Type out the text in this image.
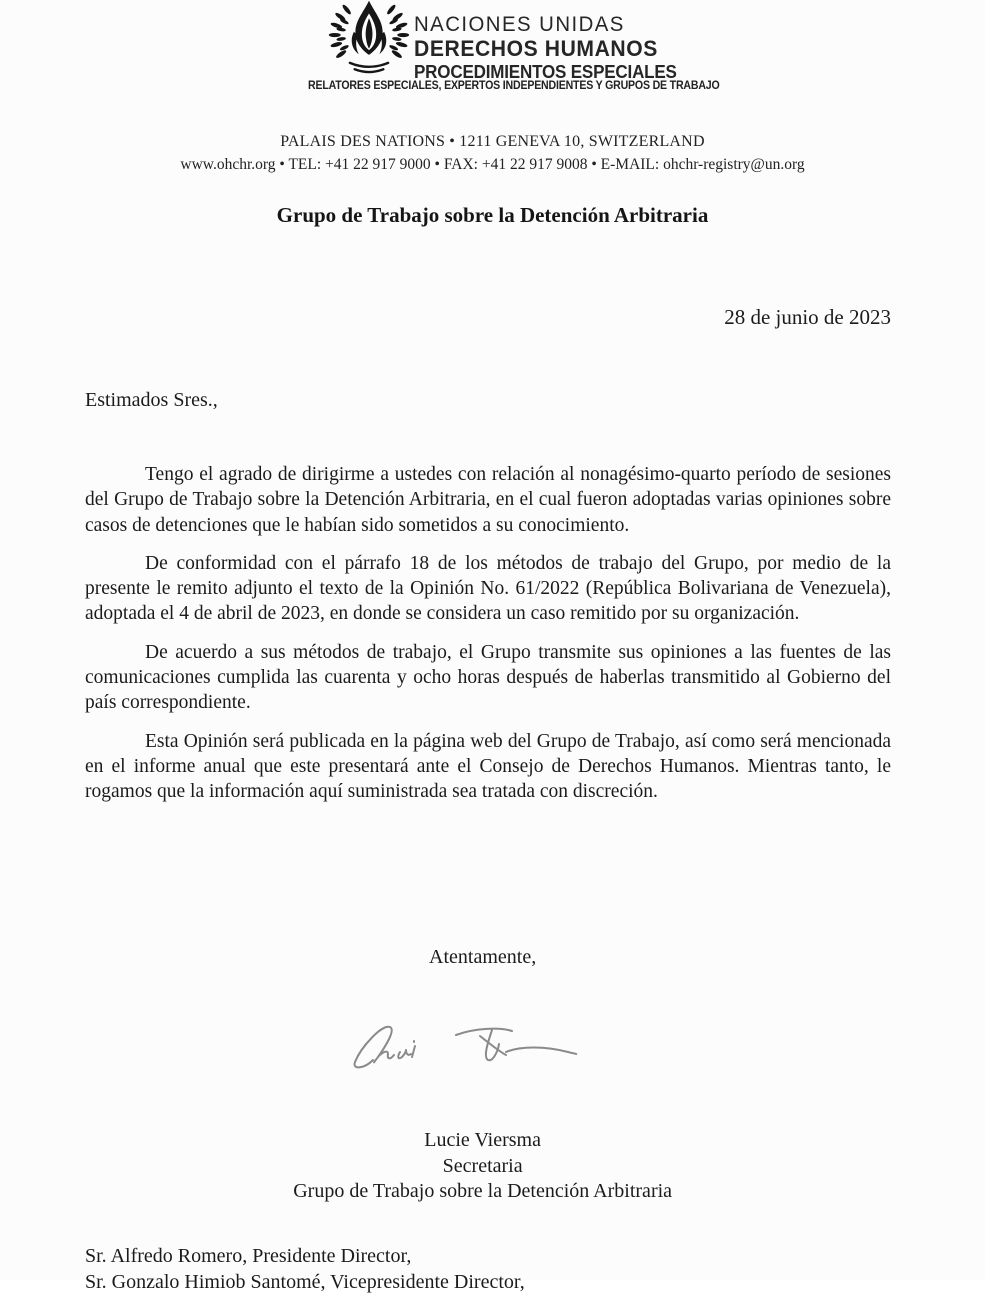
NACIONES UNIDAS
DERECHOS HUMANOS
PROCEDIMIENTOS ESPECIALES
RELATORES ESPECIALES, EXPERTOS INDEPENDIENTES Y GRUPOS DE TRABAJO
PALAIS DES NATIONS • 1211 GENEVA 10, SWITZERLAND
www.ohchr.org • TEL: +41 22 917 9000 • FAX: +41 22 917 9008 • E-MAIL: ohchr-registry@un.org
Grupo de Trabajo sobre la Detención Arbitraria
28 de junio de 2023
Estimados Sres.,

Tengo el agrado de dirigirme a ustedes con relación al nonagésimo-quarto período de sesiones del Grupo de Trabajo sobre la Detención Arbitraria, en el cual fueron adoptadas varias opiniones sobre casos de detenciones que le habían sido sometidos a su conocimiento.

De conformidad con el párrafo 18 de los métodos de trabajo del Grupo, por medio de la presente le remito adjunto el texto de la Opinión No. 61/2022 (República Bolivariana de Venezuela), adoptada el 4 de abril de 2023, en donde se considera un caso remitido por su organización.

De acuerdo a sus métodos de trabajo, el Grupo transmite sus opiniones a las fuentes de las comunicaciones cumplida las cuarenta y ocho horas después de haberlas transmitido al Gobierno del país correspondiente.

Esta Opinión será publicada en la página web del Grupo de Trabajo, así como será mencionada en el informe anual que este presentará ante el Consejo de Derechos Humanos. Mientras tanto, le rogamos que la información aquí suministrada sea tratada con discreción.

Atentamente,
Lucie Viersma
Secretaria
Grupo de Trabajo sobre la Detención Arbitraria
Sr. Alfredo Romero, Presidente Director,
Sr. Gonzalo Himiob Santomé, Vicepresidente Director,
